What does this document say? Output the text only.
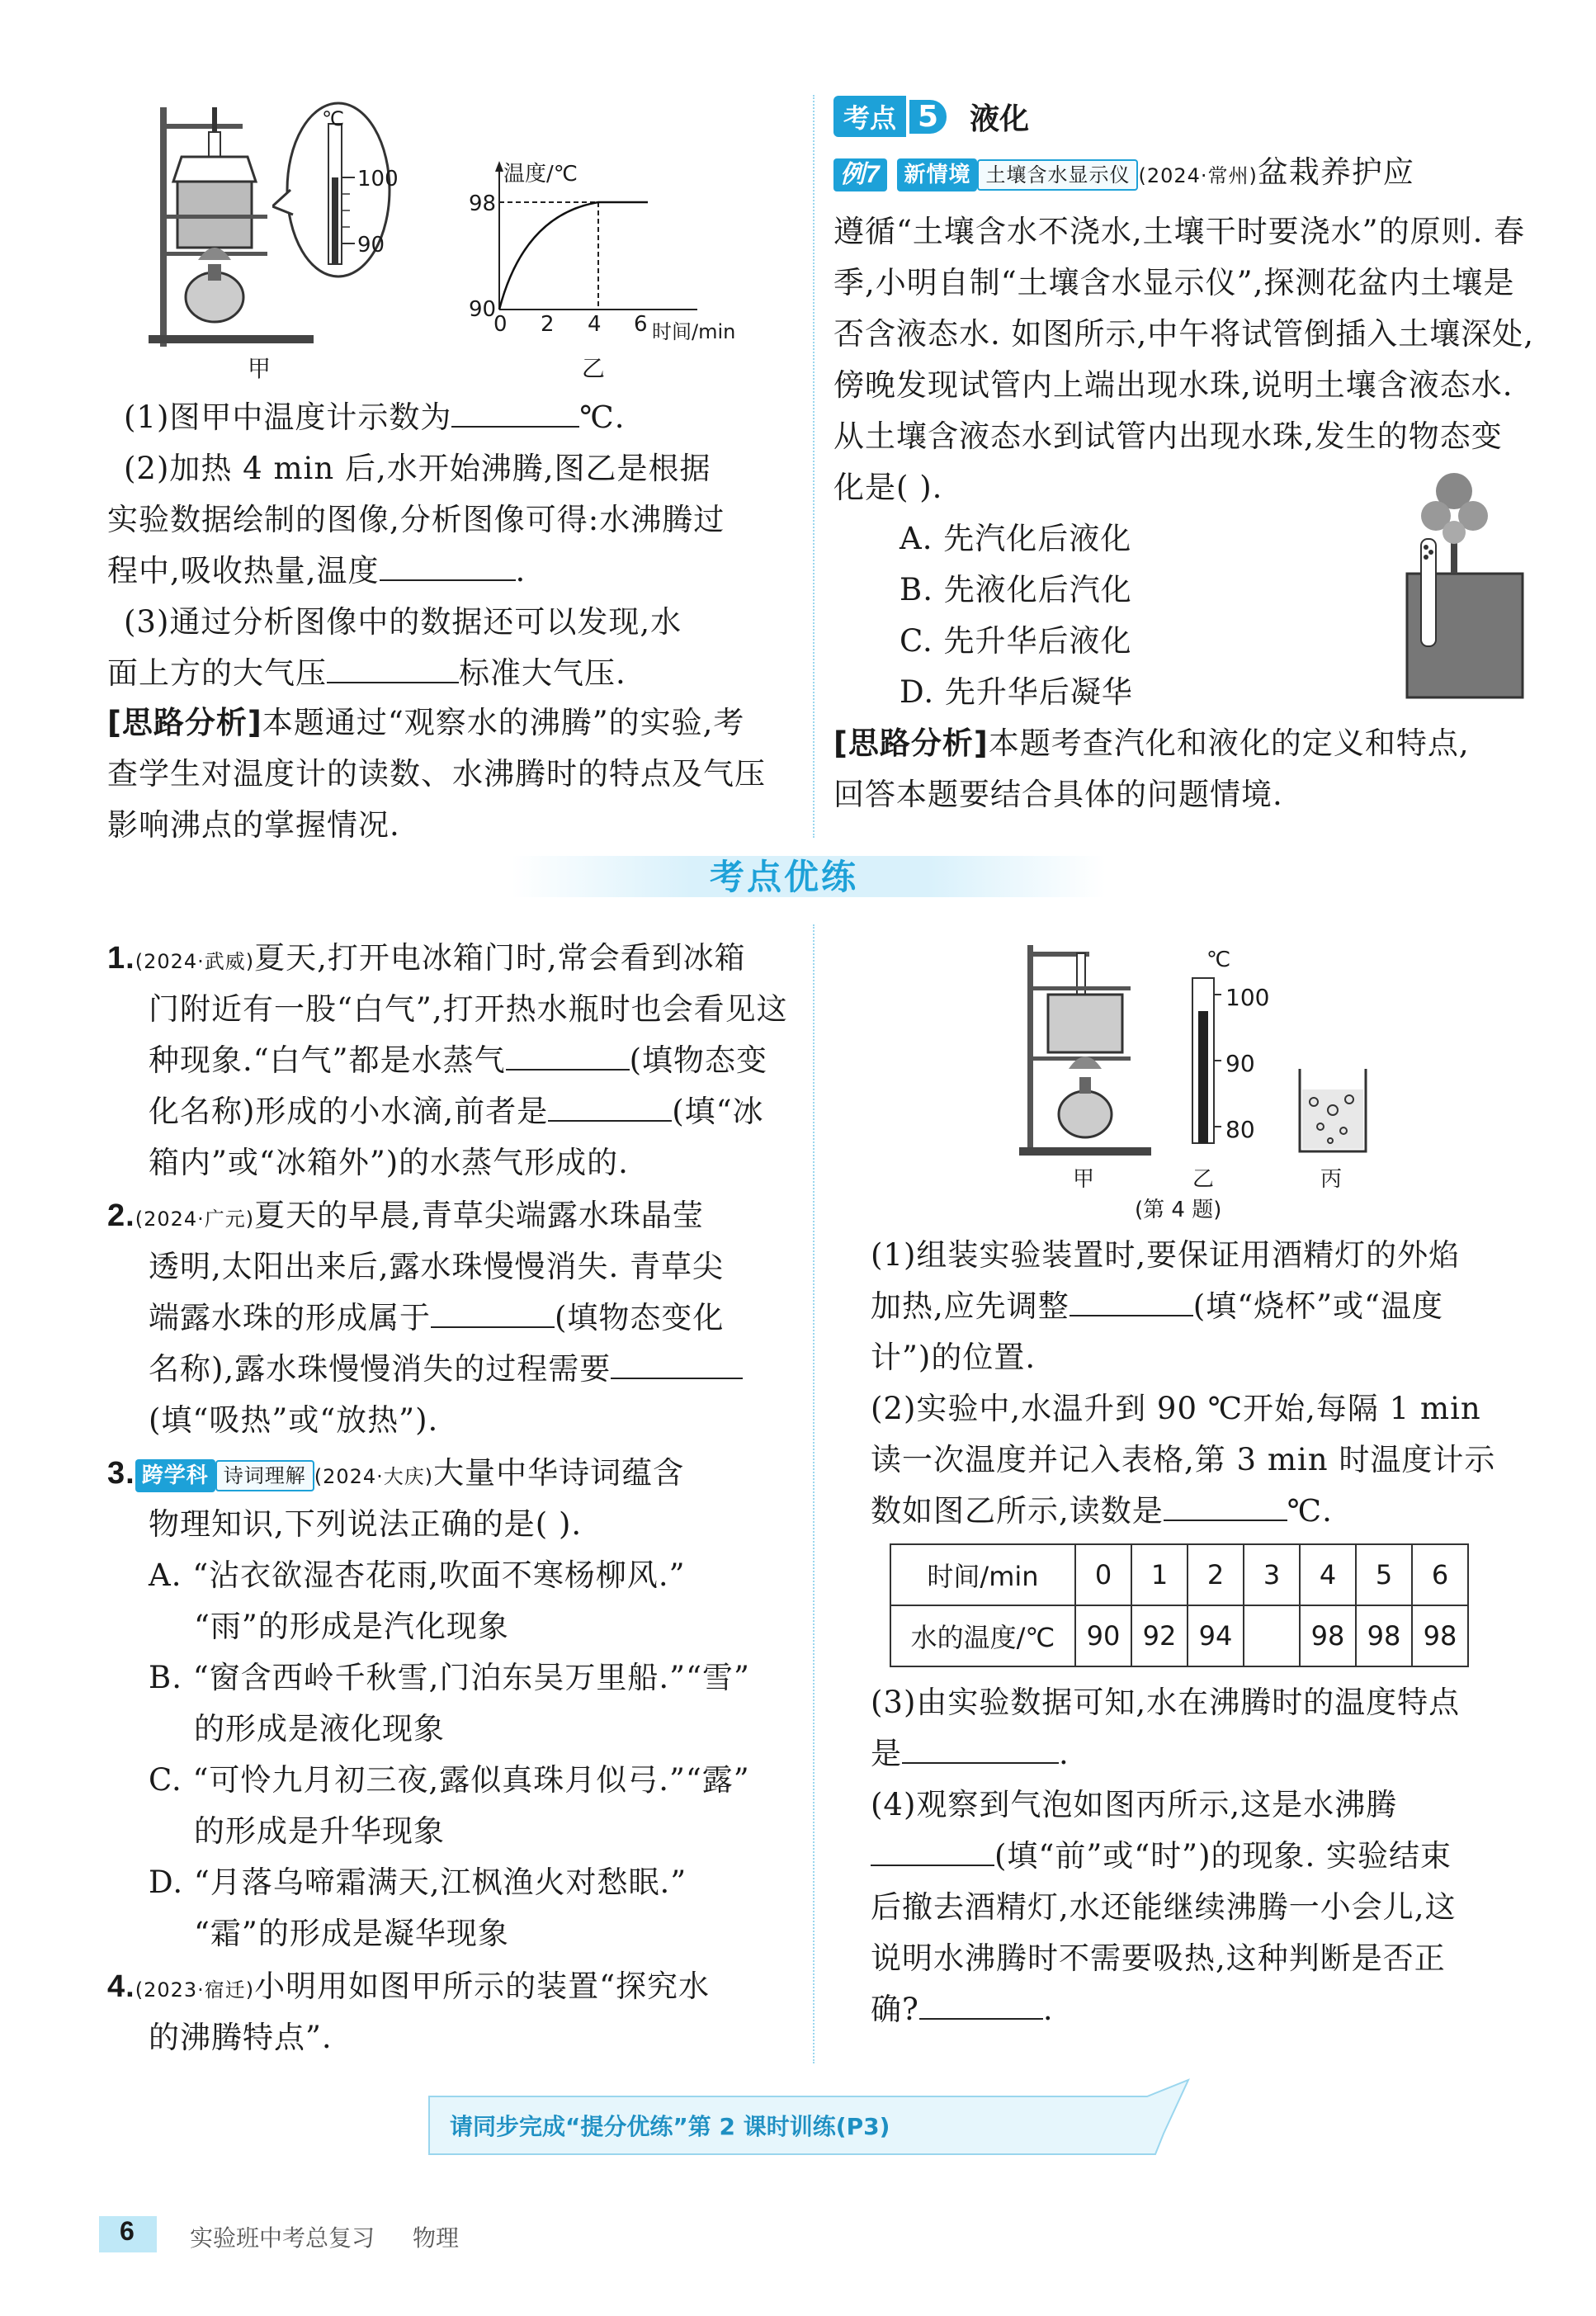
℃
100
90
甲
温度/℃
98
90
0 2 4 6 时间/min
乙
(1)图甲中温度计示数为	℃.
(2)加热 4 min 后,水开始沸腾,图乙是根据
实验数据绘制的图像,分析图像可得:水沸腾过
程中,吸收热量,温度	.
(3)通过分析图像中的数据还可以发现,水
面上方的大气压	标准大气压.
[思路分析]本题通过“观察水的沸腾”的实验,考
查学生对温度计的读数、水沸腾时的特点及气压
影响沸点的掌握情况.
考点 5 液化
例7 新情境 土壤含水显示仪 (2024·常州)盆栽养护应
遵循“土壤含水不浇水,土壤干时要浇水”的原则. 春
季,小明自制“土壤含水显示仪”,探测花盆内土壤是
否含液态水. 如图所示,中午将试管倒插入土壤深处,
傍晚发现试管内上端出现水珠,说明土壤含液态水.
从土壤含液态水到试管内出现水珠,发生的物态变
化是( ).
A. 先汽化后液化
B. 先液化后汽化
C. 先升华后液化
D. 先升华后凝华
[思路分析]本题考查汽化和液化的定义和特点,
回答本题要结合具体的问题情境.
考点优练
1.(2024·武威)夏天,打开电冰箱门时,常会看到冰箱
门附近有一股“白气”,打开热水瓶时也会看见这
种现象.“白气”都是水蒸气	(填物态变
化名称)形成的小水滴,前者是	(填“冰
箱内”或“冰箱外”)的水蒸气形成的.
2.(2024·广元)夏天的早晨,青草尖端露水珠晶莹
透明,太阳出来后,露水珠慢慢消失. 青草尖
端露水珠的形成属于	(填物态变化
名称),露水珠慢慢消失的过程需要
(填“吸热”或“放热”).
3. 跨学科 诗词理解 (2024·大庆)大量中华诗词蕴含
物理知识,下列说法正确的是( ).
A. “沾衣欲湿杏花雨,吹面不寒杨柳风.”
“雨”的形成是汽化现象
B. “窗含西岭千秋雪,门泊东吴万里船.”“雪”
的形成是液化现象
C. “可怜九月初三夜,露似真珠月似弓.”“露”
的形成是升华现象
D. “月落乌啼霜满天,江枫渔火对愁眠.”
“霜”的形成是凝华现象
4.(2023·宿迁)小明用如图甲所示的装置“探究水
的沸腾特点”.
℃
100
90
80
甲	乙	丙
(第 4 题)
(1)组装实验装置时,要保证用酒精灯的外焰
加热,应先调整	(填“烧杯”或“温度
计”)的位置.
(2)实验中,水温升到 90 ℃开始,每隔 1 min
读一次温度并记入表格,第 3 min 时温度计示
数如图乙所示,读数是	℃.
时间/min	0	1	2	3	4	5	6
水的温度/℃	90	92	94		98	98	98
(3)由实验数据可知,水在沸腾时的温度特点
是	.
(4)观察到气泡如图丙所示,这是水沸腾
(填“前”或“时”)的现象. 实验结束
后撤去酒精灯,水还能继续沸腾一小会儿,这
说明水沸腾时不需要吸热,这种判断是否正
确?	.
请同步完成“提分优练”第 2 课时训练(P3)
6 实验班中考总复习 物理
